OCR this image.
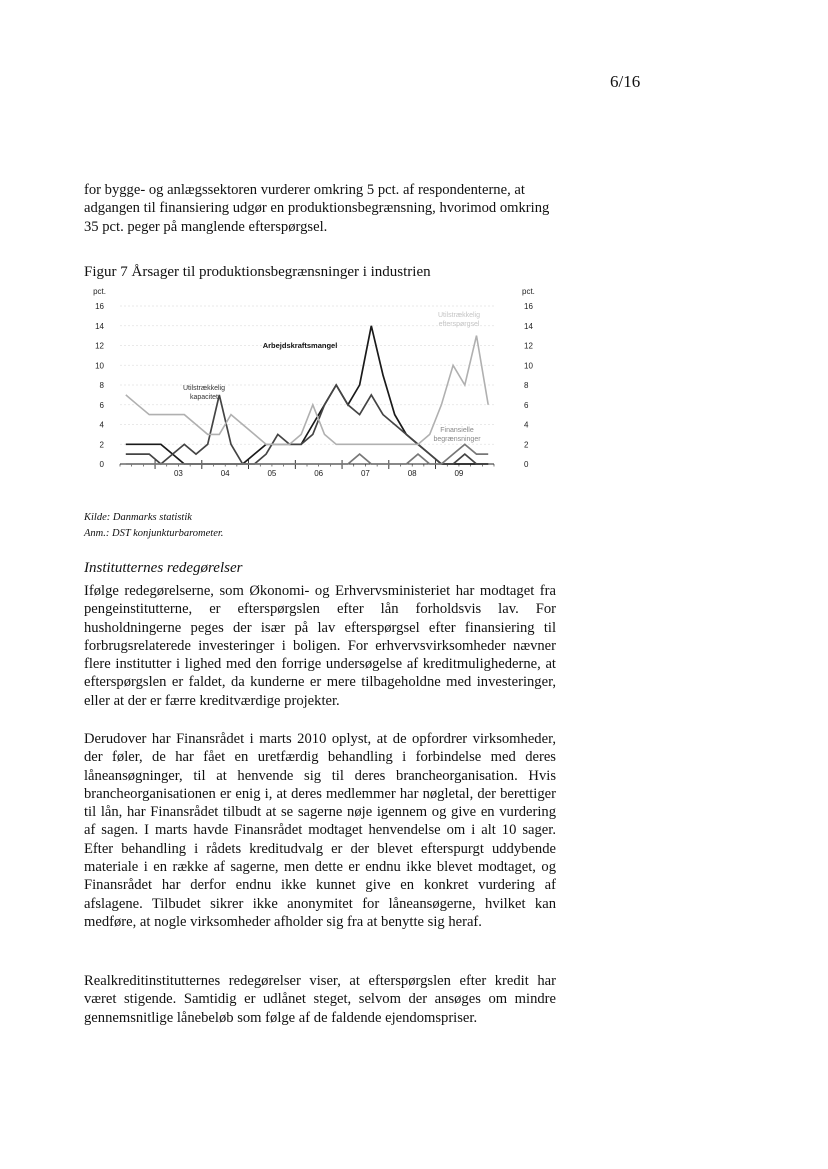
6/16

for bygge- og anlægssektoren vurderer omkring 5 pct. af respondenterne, at adgangen til finansiering udgør en produktionsbegrænsning, hvorimod omkring 35 pct. peger på manglende efterspørgsel.

Figur 7 Årsager til produktionsbegrænsninger i industrien

0	0
2	2
4	4
6	6
8	8
10	10
12	12
14	14
16	16
pct.	pct.
03	04	05	06	07	08	09
Arbejdskraftsmangel
Utilstrækkelig
kapacitet
Utilstrækkelig
efterspørgsel
Finansielle
begrænsninger

Kilde: Danmarks statistik

Anm.: DST konjunkturbarometer.

Institutternes redegørelser

Ifølge redegørelserne, som Økonomi- og Erhvervsministeriet har modtaget fra pengeinstitutterne, er efterspørgslen efter lån forholdsvis lav. For husholdningerne peges der især på lav efterspørgsel efter finansiering til forbrugsrelaterede investeringer i boligen. For erhvervsvirksomheder nævner flere institutter i lighed med den forrige undersøgelse af kreditmulighederne, at efterspørgslen er faldet, da kunderne er mere tilbageholdne med investeringer, eller at der er færre kreditværdige projekter.

Derudover har Finansrådet i marts 2010 oplyst, at de opfordrer virksomheder, der føler, de har fået en uretfærdig behandling i forbindelse med deres låneansøgninger, til at henvende sig til deres brancheorganisation. Hvis brancheorganisationen er enig i, at deres medlemmer har nøgletal, der berettiger til lån, har Finansrådet tilbudt at se sagerne nøje igennem og give en vurdering af sagen. I marts havde Finansrådet modtaget henvendelse om i alt 10 sager. Efter behandling i rådets kreditudvalg er der blevet efterspurgt uddybende materiale i en række af sagerne, men dette er endnu ikke blevet modtaget, og Finansrådet har derfor endnu ikke kunnet give en konkret vurdering af afslagene. Tilbudet sikrer ikke anonymitet for låneansøgerne, hvilket kan medføre, at nogle virksomheder afholder sig fra at benytte sig heraf.

Realkreditinstitutternes redegørelser viser, at efterspørgslen efter kredit har været stigende. Samtidig er udlånet steget, selvom der ansøges om mindre gennemsnitlige lånebeløb som følge af de faldende ejendomspriser.
